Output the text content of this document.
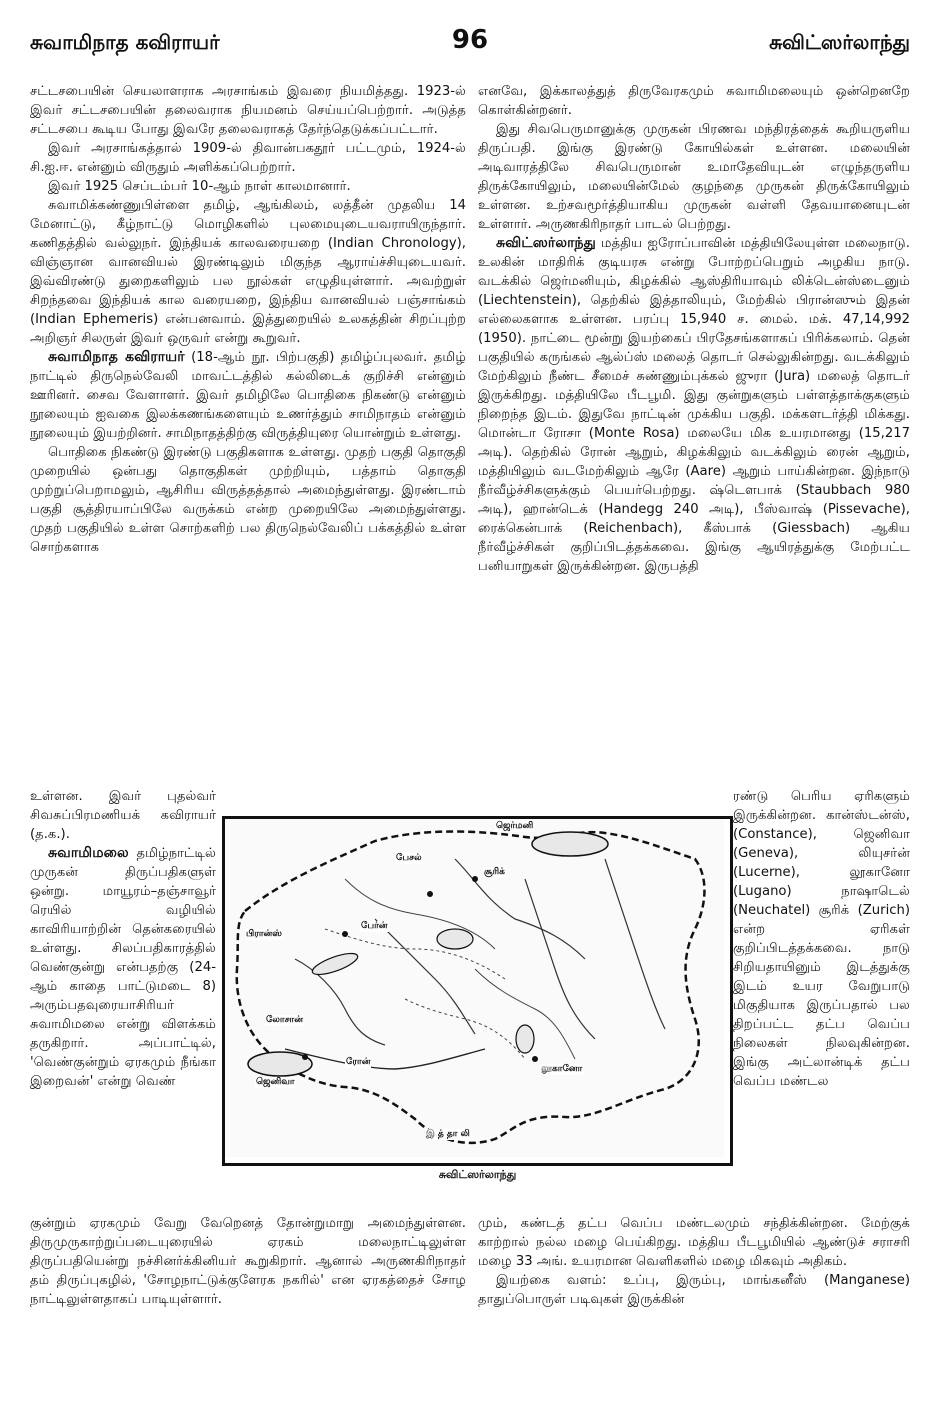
சுவாமிநாத கவிராயர்	96	சுவிட்ஸர்லாந்து

சட்டசபையின் செயலாளராக அரசாங்கம் இவரை நியமித்தது. 1923-ல் இவர் சட்டசபையின் தலைவராக நியமனம் செய்யப்பெற்றார். அடுத்த சட்டசபை கூடிய போது இவரே தலைவராகத் தேர்ந்தெடுக்கப்பட்டார்.

இவர் அரசாங்கத்தால் 1909-ல் திவான்பகதூர் பட்டமும், 1924-ல் சி.ஐ.ஈ. என்னும் விருதும் அளிக்கப்பெற்றார்.

இவர் 1925 செப்டம்பர் 10-ஆம் நாள் காலமானார்.

சுவாமிக்கண்ணுபிள்ளை தமிழ், ஆங்கிலம், லத்தீன் முதலிய 14 மேனாட்டு, கீழ்நாட்டு மொழிகளில் புலமையுடையவராயிருந்தார். கணிதத்தில் வல்லுநர். இந்தியக் காலவரையறை (Indian Chronology), விஞ்ஞான வானவியல் இரண்டிலும் மிகுந்த ஆராய்ச்சியுடையவர். இவ்விரண்டு துறைகளிலும் பல நூல்கள் எழுதியுள்ளார். அவற்றுள் சிறந்தவை இந்தியக் கால வரையறை, இந்திய வானவியல் பஞ்சாங்கம் (Indian Ephemeris) என்பனவாம். இத்துறையில் உலகத்தின் சிறப்புற்ற அறிஞர் சிலருள் இவர் ஒருவர் என்று கூறுவர்.

சுவாமிநாத கவிராயர் (18-ஆம் நூ. பிற்பகுதி) தமிழ்ப்புலவர். தமிழ் நாட்டில் திருநெல்வேலி மாவட்டத்தில் கல்லிடைக் குறிச்சி என்னும் ஊரினர். சைவ வேளாளர். இவர் தமிழிலே பொதிகை நிகண்டு என்னும் நூலையும் ஐவகை இலக்கணங்களையும் உணர்த்தும் சாமிநாதம் என்னும் நூலையும் இயற்றினர். சாமிநாதத்திற்கு விருத்தியுரை யொன்றும் உள்ளது.

பொதிகை நிகண்டு இரண்டு பகுதிகளாக உள்ளது. முதற் பகுதி தொகுதி முறையில் ஒன்பது தொகுதிகள் முற்றியும், பத்தாம் தொகுதி முற்றுப்பெறாமலும், ஆசிரிய விருத்தத்தால் அமைந்துள்ளது. இரண்டாம் பகுதி சூத்திரயாப்பிலே வருக்கம் என்ற முறையிலே அமைந்துள்ளது. முதற் பகுதியில் உள்ள சொற்களிற் பல திருநெல்வேலிப் பக்கத்தில் உள்ள சொற்களாக

எனவே, இக்காலத்துத் திருவேரகமும் சுவாமிமலையும் ஒன்றெனறே கொள்கின்றனர்.

இது சிவபெருமானுக்கு முருகன் பிரணவ மந்திரத்தைக் கூறியருளிய திருப்பதி. இங்கு இரண்டு கோயில்கள் உள்ளன. மலையின் அடிவாரத்திலே சிவபெருமான் உமாதேவியுடன் எழுந்தருளிய திருக்கோயிலும், மலையின்மேல் குழந்தை முருகன் திருக்கோயிலும் உள்ளன. உற்சவமூர்த்தியாகிய முருகன் வள்ளி தேவயானையுடன் உள்ளார். அருணகிரிநாதர் பாடல் பெற்றது.

சுவிட்ஸர்லாந்து மத்திய ஐரோப்பாவின் மத்தியிலேயுள்ள மலைநாடு. உலகின் மாதிரிக் குடியரசு என்று போற்றப்பெறும் அழகிய நாடு. வடக்கில் ஜெர்மனியும், கிழக்கில் ஆஸ்திரியாவும் லிக்டென்ஸ்டைனும் (Liechtenstein), தெற்கில் இத்தாலியும், மேற்கில் பிரான்ஸும் இதன் எல்லைகளாக உள்ளன. பரப்பு 15,940 ச. மைல். மக். 47,14,992 (1950). நாட்டை மூன்று இயற்கைப் பிரதேசங்களாகப் பிரிக்கலாம். தென் பகுதியில் கருங்கல் ஆல்ப்ஸ் மலைத் தொடர் செல்லுகின்றது. வடக்கிலும் மேற்கிலும் நீண்ட சீமைச் சுண்ணும்புக்கல் ஜுரா (Jura) மலைத் தொடர் இருக்கிறது. மத்தியிலே பீடபூமி. இது குன்றுகளும் பள்ளத்தாக்குகளும் நிறைந்த இடம். இதுவே நாட்டின் முக்கிய பகுதி. மக்களடர்த்தி மிக்கது. மொன்டா ரோசா (Monte Rosa) மலையே மிக உயரமானது (15,217 அடி). தெற்கில் ரோன் ஆறும், கிழக்கிலும் வடக்கிலும் ரைன் ஆறும், மத்தியிலும் வடமேற்கிலும் ஆரே (Aare) ஆறும் பாய்கின்றன. இந்நாடு நீர்வீழ்ச்சிகளுக்கும் பெயர்பெற்றது. ஷ்டௌபாக் (Staubbach 980 அடி), ஹான்டெக் (Handegg 240 அடி), பீஸ்வாஷ் (Pissevache), ரைக்கென்பாக் (Reichenbach), கீஸ்பாக் (Giessbach) ஆகிய நீர்வீழ்ச்சிகள் குறிப்பிடத்தக்கவை. இங்கு ஆயிரத்துக்கு மேற்பட்ட பனியாறுகள் இருக்கின்றன. இருபத்தி

உள்ளன. இவர் புதல்வர் சிவசுப்பிரமணியக் கவிராயர் (த.க.).

சுவாமிமலை தமிழ்நாட்டில் முருகன் திருப்பதிகளுள் ஒன்று. மாயூரம்–தஞ்சாவூர் ரெயில் வழியில் காவிரியாற்றின் தென்கரையில் உள்ளது. சிலப்பதிகாரத்தில் வெண்குன்று என்பதற்கு (24-ஆம் காதை பாட்டுமடை 8) அரும்பதவுரையாசிரியர் சுவாமிமலை என்று விளக்கம் தருகிறார். அப்பாட்டில், 'வெண்குன்றும் ஏரகமும் நீங்கா இறைவன்' என்று வெண்

ஜெர்மனி
பிரான்ஸ்
இ த் தா லி
பேர்ன்
சூரிக்
ஜெனிவா
லோசான்
லூகானோ
பேசல்
ரோன்
சுவிட்ஸர்லாந்து

ரண்டு பெரிய ஏரிகளும் இருக்கின்றன. கான்ஸ்டன்ஸ், (Constance), ஜெனிவா (Geneva), லியுசர்ன் (Lucerne), லூகானோ (Lugano) நாஷாடெல் (Neuchatel) சூரிக் (Zurich) என்ற ஏரிகள் குறிப்பிடத்தக்கவை. நாடு சிறியதாயினும் இடத்துக்கு இடம் உயர வேறுபாடு மிகுதியாக இருப்பதால் பல திறப்பட்ட தட்ப வெப்ப நிலைகள் நிலவுகின்றன. இங்கு அட்லான்டிக் தட்ப வெப்ப மண்டல

குன்றும் ஏரகமும் வேறு வேறெனத் தோன்றுமாறு அமைந்துள்ளன. திருமுருகாற்றுப்படையுரையில் ஏரகம் மலைநாட்டிலுள்ள திருப்பதியென்று நச்சினர்க்கினியர் கூறுகிறார். ஆனால் அருணகிரிநாதர் தம் திருப்புகழில், 'சோழநாட்டுக்குளேரக நகரில்' என ஏரகத்தைச் சோழ நாட்டிலுள்ளதாகப் பாடியுள்ளார்.

மும், கண்டத் தட்ப வெப்ப மண்டலமும் சந்திக்கின்றன. மேற்குக் காற்றால் நல்ல மழை பெய்கிறது. மத்திய பீடபூமியில் ஆண்டுச் சராசரி மழை 33 அங். உயரமான வெளிகளில் மழை மிகவும் அதிகம்.

இயற்கை வளம்: உப்பு, இரும்பு, மாங்கனீஸ் (Manganese) தாதுப்பொருள் படிவுகள் இருக்கின்
